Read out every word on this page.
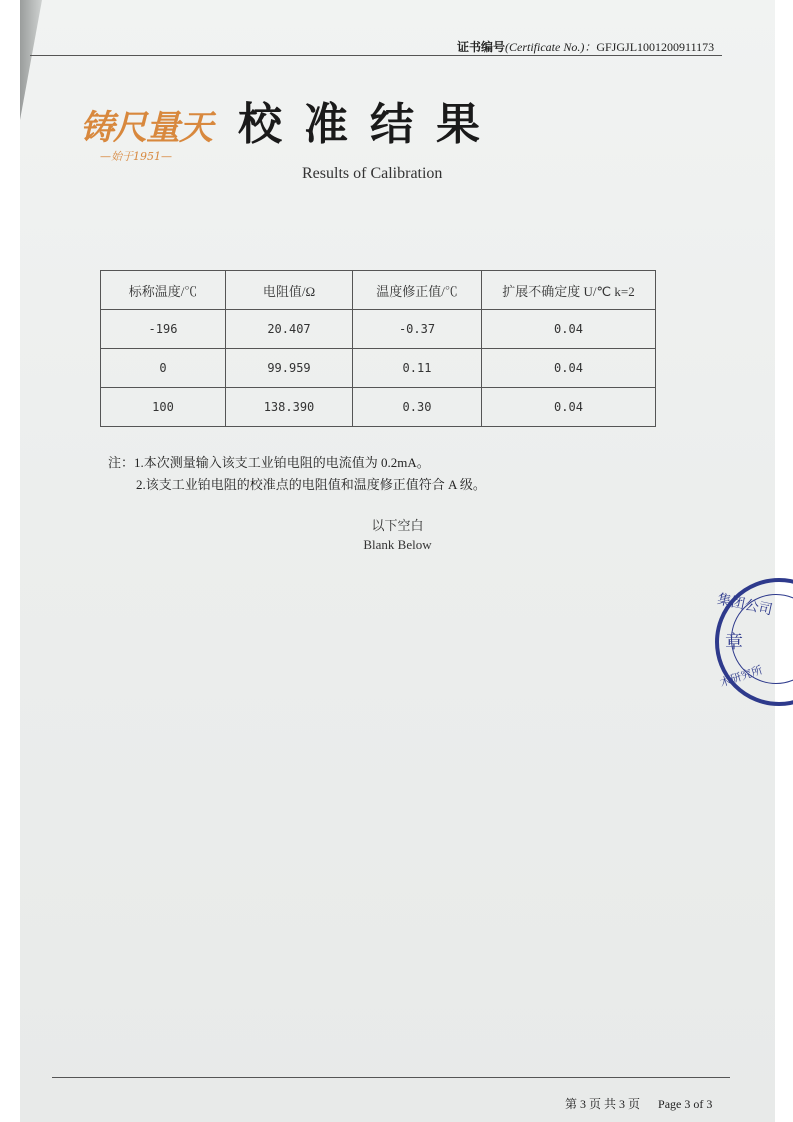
证书编号(Certificate No.)：GFJGJL1001200911173
铸尺量天
—始于1951—
校准结果
Results of Calibration
标称温度/℃	电阻值/Ω	温度修正值/℃	扩展不确定度 U/℃ k=2
-196	20.407	-0.37	0.04
0	99.959	0.11	0.04
100	138.390	0.30	0.04
注：1.本次测量输入该支工业铂电阻的电流值为 0.2mA。
2.该支工业铂电阻的校准点的电阻值和温度修正值符合 A 级。
以下空白
Blank Below
集团公司
章
术研究所
第 3 页 共 3 页 Page 3 of 3
